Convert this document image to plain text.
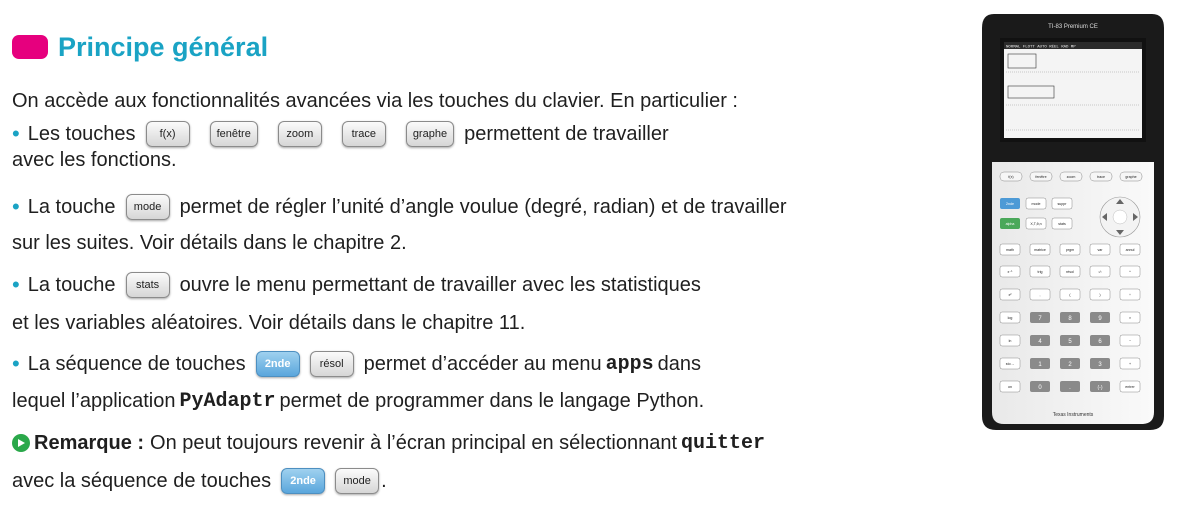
Principe général
On accède aux fonctionnalités avancées via les touches du clavier. En particulier :
• Les touches	f(x)	fenêtre	zoom	trace	graphe permettent de travailler
avec les fonctions.
• La touche	mode permet de régler l’unité d’angle voulue (degré, radian) et de travailler
sur les suites. Voir détails dans le chapitre 2.
• La touche	stats	ouvre le menu permettant de travailler avec les statistiques
et les variables aléatoires. Voir détails dans le chapitre 11.
• La séquence de touches	2nde	résol	permet d’accéder au menu apps dans
lequel l’application PyAdaptr permet de programmer dans le langage Python.
Remarque : On peut toujours revenir à l’écran principal en sélectionnant quitter
avec la séquence de touches	2nde	mode .
TI-83 Premium CE
NORMAL FLOTT AUTO RÉEL RAD MP
f(x)	fenêtre	zoom	trace	graphe
2nde	mode	suppr
alpha	X,T,θ,n	stats
math	matrice	prgm	var	annul
x⁻¹	trig	résol	▫/▫	^
x²	,	(	)	÷
log	7	8	9	×
ln	4	5	6	−
sto→	1	2	3	+
on	0	.	(-)	entrer
Texas Instruments
